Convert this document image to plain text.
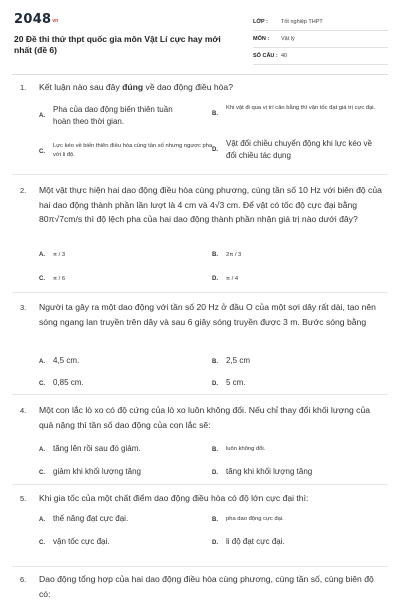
2048vn
20 Đề thi thử thpt quốc gia môn Vật Lí cực hay mới nhất (đề 6)
LỚP :	Tốt nghiệp THPT
MÔN :	Vật lý
SỐ CÂU : 40
1. Kết luận nào sau đây đúng về dao động điều hòa?
A.
Pha của dao động biến thiên tuần hoàn theo thời gian.
B.
Khi vật đi qua vị trí cân bằng thì vận tốc đạt giá trị cực đại.
C.
Lực kéo về biến thiên điều hòa cùng tần số nhưng ngược pha với li độ.
D.
Vật đổi chiều chuyển động khi lực kéo về đổi chiều tác dụng
2. Một vật thực hiện hai dao động điều hòa cùng phương, cùng tần số 10 Hz với biên độ của hai dao động thành phần lần lượt là 4 cm và 4√3 cm. Để vật có tốc độ cực đại bằng 80π√7cm/s thì độ lệch pha của hai dao động thành phần nhận giá trị nào dưới đây?
A. π / 3	B. 2π / 3
C. π / 6	D. π / 4
3. Người ta gây ra một dao động với tần số 20 Hz ở đầu O của một sợi dây rất dài, tạo nên sóng ngang lan truyền trên dây và sau 6 giây sóng truyền được 3 m. Bước sóng bằng
A. 4,5 cm.	B. 2,5 cm
C. 0,85 cm.	D. 5 cm.
4. Một con lắc lò xo có độ cứng của lò xo luôn không đổi. Nếu chỉ thay đổi khối lượng của quả nặng thì tần số dao động của con lắc sẽ:
A. tăng lên rồi sau đó giảm.	B. luôn không đổi.
C. giảm khi khối lượng tăng	D. tăng khi khối lượng tăng
5. Khi gia tốc của một chất điểm dao động điều hòa có độ lớn cực đại thì:
A. thế năng đạt cực đại.	B. pha dao động cực đại.
C. vận tốc cực đại.	D. li độ đạt cực đại.
6. Dao động tổng hợp của hai dao động điều hòa cùng phương, cùng tần số, cùng biên độ có:
